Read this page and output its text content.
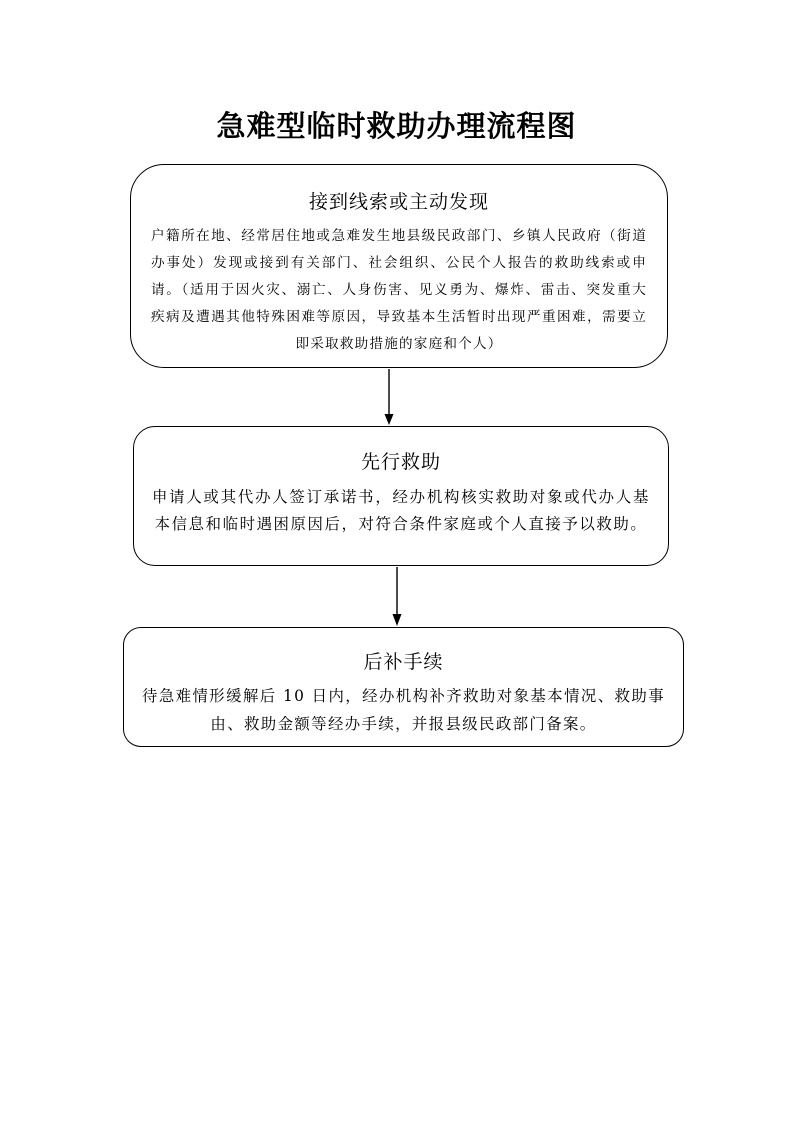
急难型临时救助办理流程图
接到线索或主动发现
户籍所在地、经常居住地或急难发生地县级民政部门、乡镇人民政府（街道办事处）发现或接到有关部门、社会组织、公民个人报告的救助线索或申请。（适用于因火灾、溺亡、人身伤害、见义勇为、爆炸、雷击、突发重大疾病及遭遇其他特殊困难等原因，导致基本生活暂时出现严重困难，需要立即采取救助措施的家庭和个人）
先行救助
申请人或其代办人签订承诺书，经办机构核实救助对象或代办人基本信息和临时遇困原因后，对符合条件家庭或个人直接予以救助。
后补手续
待急难情形缓解后 10 日内，经办机构补齐救助对象基本情况、救助事由、救助金额等经办手续，并报县级民政部门备案。
